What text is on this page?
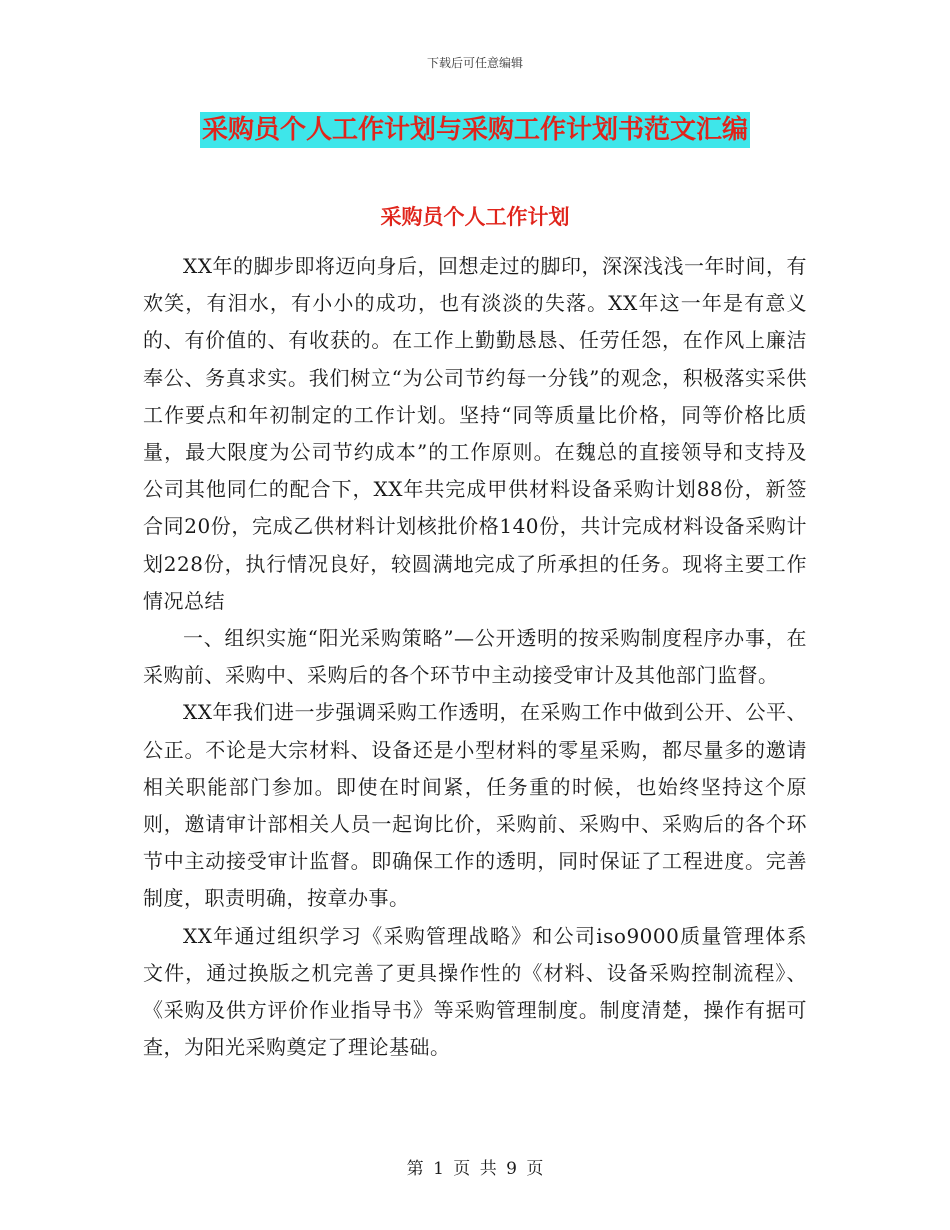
下载后可任意编辑
采购员个人工作计划与采购工作计划书范文汇编
采购员个人工作计划

XX年的脚步即将迈向身后，回想走过的脚印，深深浅浅一年时间，有欢笑，有泪水，有小小的成功，也有淡淡的失落。XX年这一年是有意义的、有价值的、有收获的。在工作上勤勤恳恳、任劳任怨，在作风上廉洁奉公、务真求实。我们树立“为公司节约每一分钱”的观念，积极落实采供工作要点和年初制定的工作计划。坚持“同等质量比价格，同等价格比质量，最大限度为公司节约成本”的工作原则。在魏总的直接领导和支持及公司其他同仁的配合下，XX年共完成甲供材料设备采购计划88份，新签合同20份，完成乙供材料计划核批价格140份，共计完成材料设备采购计划228份，执行情况良好，较圆满地完成了所承担的任务。现将主要工作情况总结

一、组织实施“阳光采购策略”—公开透明的按采购制度程序办事，在采购前、采购中、采购后的各个环节中主动接受审计及其他部门监督。

XX年我们进一步强调采购工作透明，在采购工作中做到公开、公平、公正。不论是大宗材料、设备还是小型材料的零星采购，都尽量多的邀请相关职能部门参加。即使在时间紧，任务重的时候，也始终坚持这个原则，邀请审计部相关人员一起询比价，采购前、采购中、采购后的各个环节中主动接受审计监督。即确保工作的透明，同时保证了工程进度。完善制度，职责明确，按章办事。

XX年通过组织学习《采购管理战略》和公司iso9000质量管理体系文件，通过换版之机完善了更具操作性的《材料、设备采购控制流程》、《采购及供方评价作业指导书》等采购管理制度。制度清楚，操作有据可查，为阳光采购奠定了理论基础。

第 1 页 共 9 页
